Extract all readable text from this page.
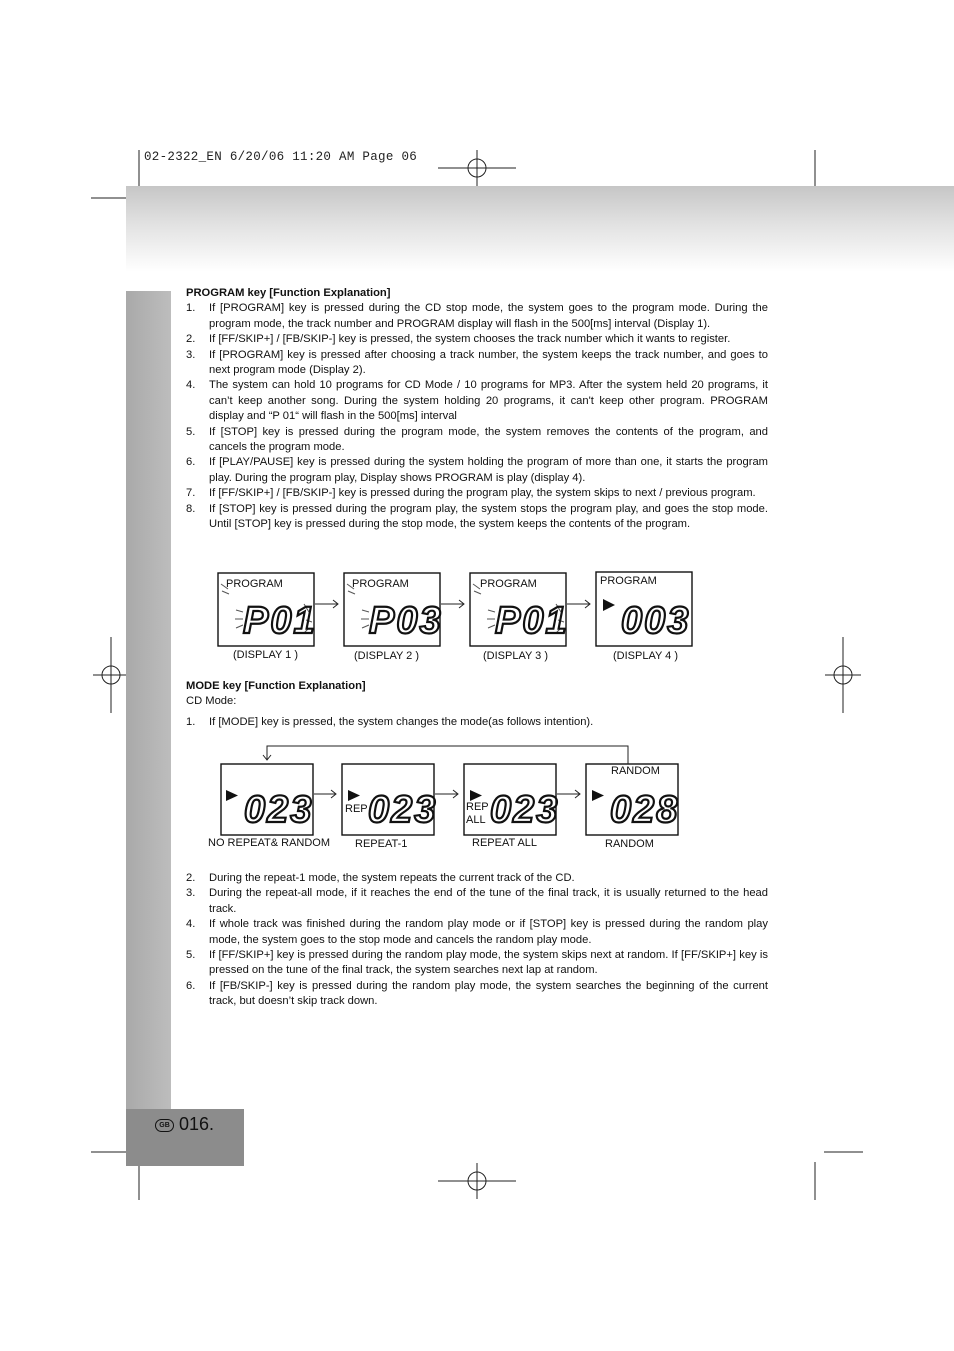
02-2322_EN 6/20/06 11:20 AM Page 06
GB 016.

PROGRAM key [Function Explanation]

1.	If [PROGRAM] key is pressed during the CD stop mode, the system goes to the program mode. During the program mode, the track number and PROGRAM display will flash in the 500[ms] interval (Display 1).
2.	If [FF/SKIP+] / [FB/SKIP-] key is pressed, the system chooses the track number which it wants to register.
3.	If [PROGRAM] key is pressed after choosing a track number, the system keeps the track number, and goes to next program mode (Display 2).
4.	The system can hold 10 programs for CD Mode / 10 programs for MP3. After the system held 20 programs, it can’t keep another song. During the system holding 20 programs, it can't keep other program. PROGRAM display and “P 01“ will flash in the 500[ms] interval
5.	If [STOP] key is pressed during the program mode, the system removes the contents of the program, and cancels the program mode.
6.	If [PLAY/PAUSE] key is pressed during the system holding the program of more than one, it starts the program play. During the program play, Display shows PROGRAM is play (display 4).
7.	If [FF/SKIP+] / [FB/SKIP-] key is pressed during the program play, the system skips to next / previous program.
8.	If [STOP] key is pressed during the program play, the system stops the program play, and goes the stop mode. Until [STOP] key is pressed during the stop mode, the system keeps the contents of the program.
PROGRAM	PROGRAM	PROGRAM	PROGRAM
P01 P03 P01 003
(DISPLAY 1 )	(DISPLAY 2 )	(DISPLAY 3 )	(DISPLAY 4 )

MODE key [Function Explanation]

CD Mode:

1.	If [MODE] key is pressed, the system changes the mode(as follows intention).
REP	REP
ALL
RANDOM
023 023 023 028
NO REPEAT& RANDOM REPEAT-1	REPEAT ALL	RANDOM
2.	During the repeat-1 mode, the system repeats the current track of the CD.
3.	During the repeat-all mode, if it reaches the end of the tune of the final track, it is usually returned to the head track.
4.	If whole track was finished during the random play mode or if [STOP] key is pressed during the random play mode, the system goes to the stop mode and cancels the random play mode.
5.	If [FF/SKIP+] key is pressed during the random play mode, the system skips next at random. If [FF/SKIP+] key is pressed on the tune of the final track, the system searches next lap at random.
6.	If [FB/SKIP-] key is pressed during the random play mode, the system searches the beginning of the current track, but doesn’t skip track down.
